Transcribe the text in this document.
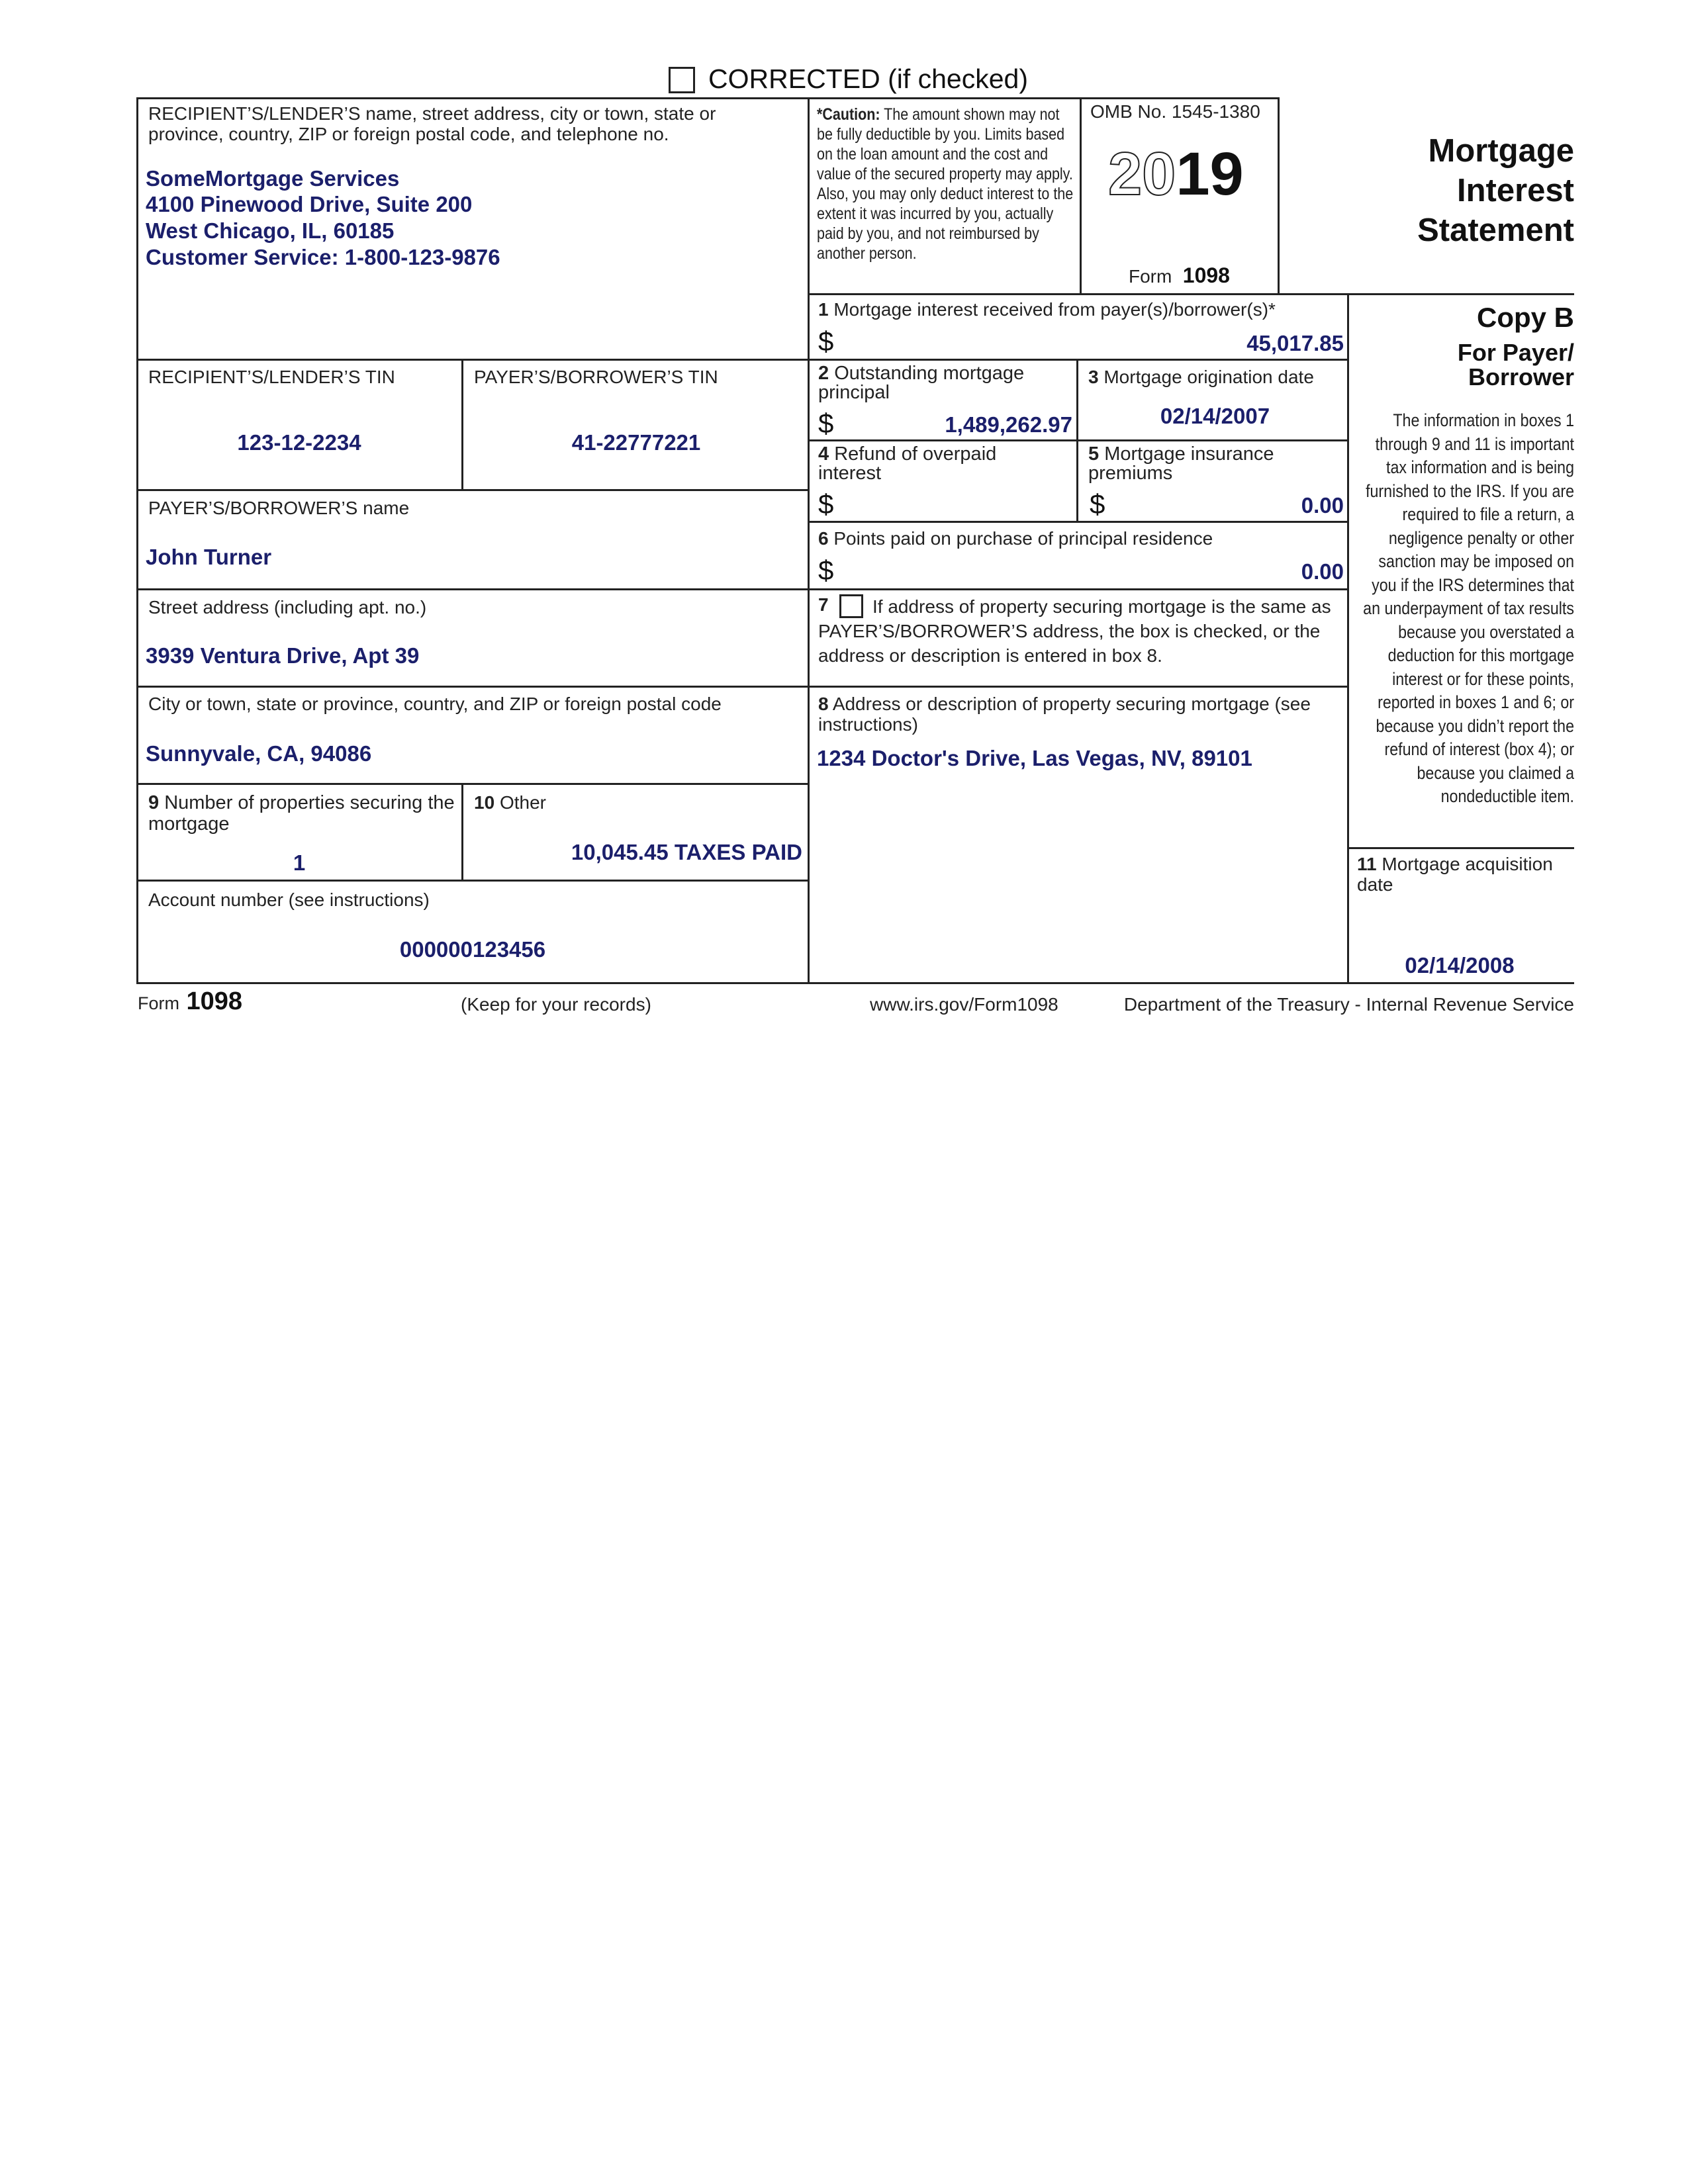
CORRECTED (if checked)
RECIPIENT’S/LENDER’S name, street address, city or town, state or province, country, ZIP or foreign postal code, and telephone no.
SomeMortgage Services
4100 Pinewood Drive, Suite 200
West Chicago, IL, 60185
Customer Service: 1-800-123-9876
*Caution: The amount shown may not be fully deductible by you. Limits based on the loan amount and the cost and value of the secured property may apply. Also, you may only deduct interest to the extent it was incurred by you, actually paid by you, and not reimbursed by another person.
OMB No. 1545-1380
2019
Form 1098
Mortgage
Interest
Statement
Copy B
For Payer/
Borrower
The information in boxes 1 through 9 and 11 is important tax information and is being furnished to the IRS. If you are required to file a return, a negligence penalty or other sanction may be imposed on you if the IRS determines that an underpayment of tax results because you overstated a deduction for this mortgage interest or for these points, reported in boxes 1 and 6; or because you didn’t report the refund of interest (box 4); or because you claimed a nondeductible item.
1 Mortgage interest received from payer(s)/borrower(s)*
$	45,017.85
2 Outstanding mortgage principal
$	1,489,262.97
3 Mortgage origination date
02/14/2007
4 Refund of overpaid interest
$
5 Mortgage insurance premiums
$	0.00
6 Points paid on purchase of principal residence
$	0.00
7	If address of property securing mortgage is the same as PAYER’S/BORROWER’S address, the box is checked, or the address or description is entered in box 8.
8 Address or description of property securing mortgage (see instructions)
1234 Doctor's Drive, Las Vegas, NV, 89101
RECIPIENT’S/LENDER’S TIN
123-12-2234
PAYER’S/BORROWER’S TIN
41-22777221
PAYER’S/BORROWER’S name
John Turner
Street address (including apt. no.)
3939 Ventura Drive, Apt 39
City or town, state or province, country, and ZIP or foreign postal code
Sunnyvale, CA, 94086
9 Number of properties securing the mortgage
1
10 Other
10,045.45 TAXES PAID
Account number (see instructions)
000000123456
11 Mortgage acquisition date
02/14/2008
Form 1098	(Keep for your records)	www.irs.gov/Form1098	Department of the Treasury - Internal Revenue Service
